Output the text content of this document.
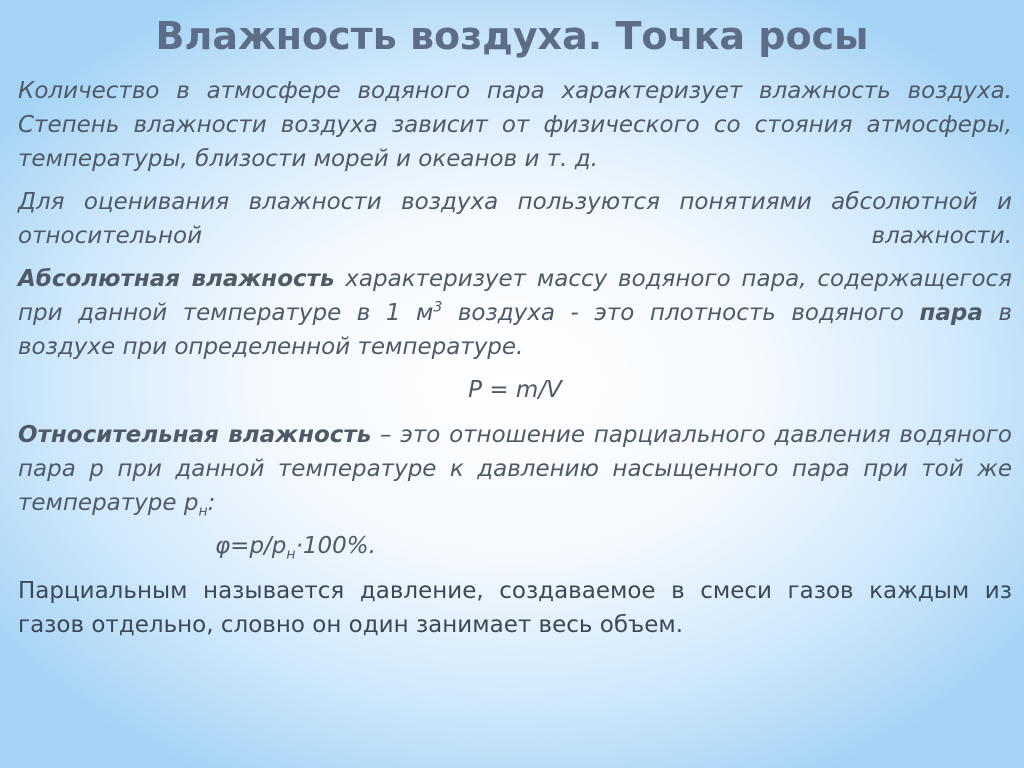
Влажность воздуха. Точка росы

Количество в атмосфере водяного пара характеризует влажность воздуха. Степень влажности воздуха зависит от физического со стояния атмосферы, температуры, близости морей и океанов и т. д.

Для оценивания влажности воздуха пользуются понятиями абсолютной и относительной влажности.

Абсолютная влажность характеризует массу водяного пара, содержащегося при данной температуре в 1 $м^3$ воздуха - это плотность водяного пара в воздухе при определенной температуре.

P = m/V

Относительная влажность – это отношение парциального давления водяного пара р при данной температуре к давлению насыщенного пара при той же температуре $р_н$:

$\varphi=р/р_н\cdot 100\%$.

Парциальным называется давление, создаваемое в смеси газов каждым из газов отдельно, словно он один занимает весь объем.
